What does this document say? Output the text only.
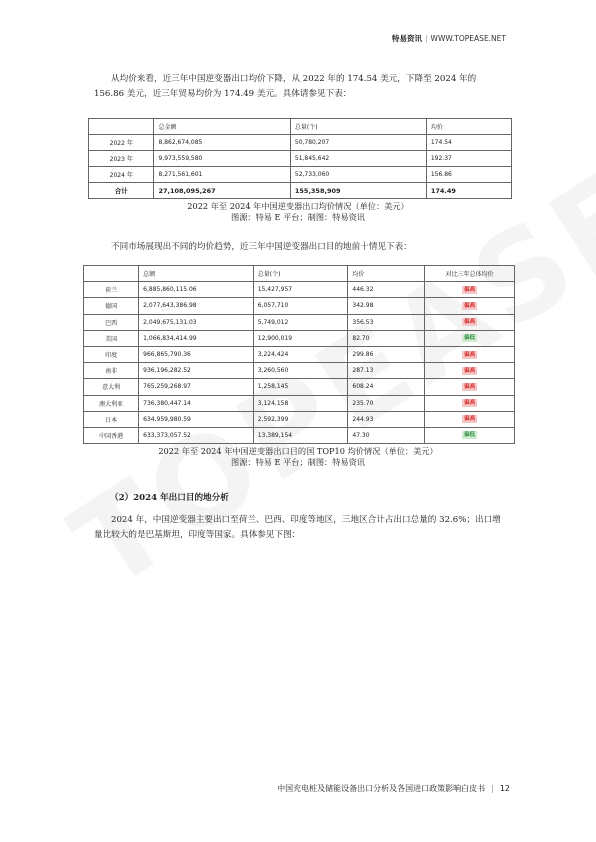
特易资讯 | WWW.TOPEASE.NET
从均价来看，近三年中国逆变器出口均价下降，从 2022 年的 174.54 美元，下降至 2024 年的 156.86 美元，近三年贸易均价为 174.49 美元。具体请参见下表：
	总金额	总量(个)	均价
2022 年	8,862,674,085	50,780,207	174.54
2023 年	9,973,559,580	51,845,642	192.37
2024 年	8,271,561,601	52,733,060	156.86
合计	27,108,095,267	155,358,909	174.49
2022 年至 2024 年中国逆变器出口均价情况（单位：美元）
图源：特易 E 平台；制图：特易资讯
不同市场展现出不同的均价趋势，近三年中国逆变器出口目的地前十情见下表：
	总额	总量(个)	均价	对比三年总体均价
荷兰	6,885,860,115.06	15,427,957	446.32	偏高
德国	2,077,643,386.98	6,057,710	342.98	偏高
巴西	2,049,675,131.03	5,749,012	356.53	偏高
美国	1,066,834,414.99	12,900,019	82.70	偏低
印度	966,865,790.36	3,224,424	299.86	偏高
南非	936,196,282.52	3,260,560	287.13	偏高
意大利	765,259,268.97	1,258,145	608.24	偏高
澳大利亚	736,380,447.14	3,124,158	235.70	偏高
日本	634,959,980.59	2,592,399	244.93	偏高
中国香港	633,373,057.52	13,389,154	47.30	偏低
2022 年至 2024 年中国逆变器出口目的国 TOP10 均价情况（单位：美元）
图源：特易 E 平台；制图：特易资讯
（2）2024 年出口目的地分析
2024 年，中国逆变器主要出口至荷兰、巴西、印度等地区，三地区合计占出口总量的 32.6%；出口增量比较大的是巴基斯坦，印度等国家。具体参见下图：
中国充电桩及储能设备出口分析及各国进口政策影响白皮书 | 12
